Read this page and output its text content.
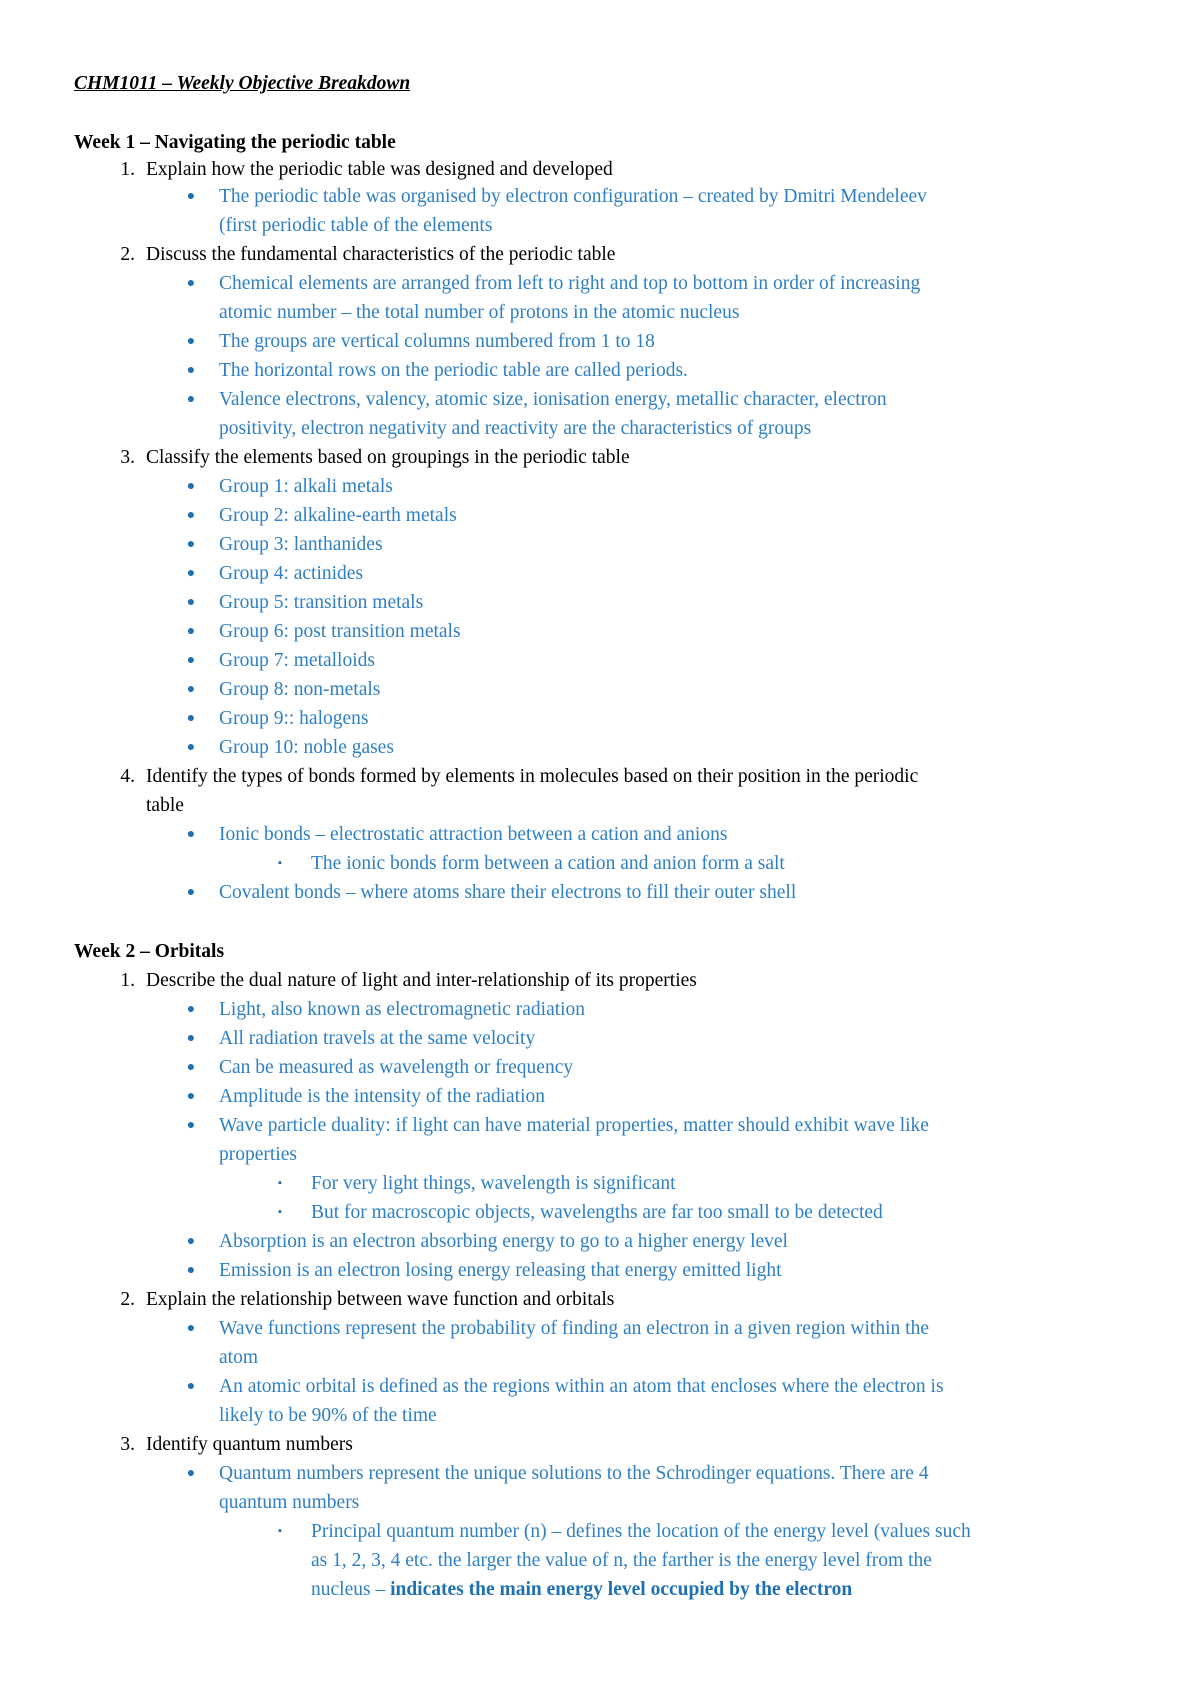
CHM1011 – Weekly Objective Breakdown
Week 1 – Navigating the periodic table
1. Explain how the periodic table was designed and developed
● The periodic table was organised by electron configuration – created by Dmitri Mendeleev
(first periodic table of the elements
2. Discuss the fundamental characteristics of the periodic table
● Chemical elements are arranged from left to right and top to bottom in order of increasing
atomic number – the total number of protons in the atomic nucleus
● The groups are vertical columns numbered from 1 to 18
● The horizontal rows on the periodic table are called periods.
● Valence electrons, valency, atomic size, ionisation energy, metallic character, electron
positivity, electron negativity and reactivity are the characteristics of groups
3. Classify the elements based on groupings in the periodic table
● Group 1: alkali metals
● Group 2: alkaline-earth metals
● Group 3: lanthanides
● Group 4: actinides
● Group 5: transition metals
● Group 6: post transition metals
● Group 7: metalloids
● Group 8: non-metals
● Group 9:: halogens
● Group 10: noble gases
4. Identify the types of bonds formed by elements in molecules based on their position in the periodic
table
● Ionic bonds – electrostatic attraction between a cation and anions
▪ The ionic bonds form between a cation and anion form a salt
● Covalent bonds – where atoms share their electrons to fill their outer shell
Week 2 – Orbitals
1. Describe the dual nature of light and inter-relationship of its properties
● Light, also known as electromagnetic radiation
● All radiation travels at the same velocity
● Can be measured as wavelength or frequency
● Amplitude is the intensity of the radiation
● Wave particle duality: if light can have material properties, matter should exhibit wave like
properties
▪ For very light things, wavelength is significant
▪ But for macroscopic objects, wavelengths are far too small to be detected
● Absorption is an electron absorbing energy to go to a higher energy level
● Emission is an electron losing energy releasing that energy emitted light
2. Explain the relationship between wave function and orbitals
● Wave functions represent the probability of finding an electron in a given region within the
atom
● An atomic orbital is defined as the regions within an atom that encloses where the electron is
likely to be 90% of the time
3. Identify quantum numbers
● Quantum numbers represent the unique solutions to the Schrodinger equations. There are 4
quantum numbers
▪ Principal quantum number (n) – defines the location of the energy level (values such
as 1, 2, 3, 4 etc. the larger the value of n, the farther is the energy level from the
nucleus – indicates the main energy level occupied by the electron
